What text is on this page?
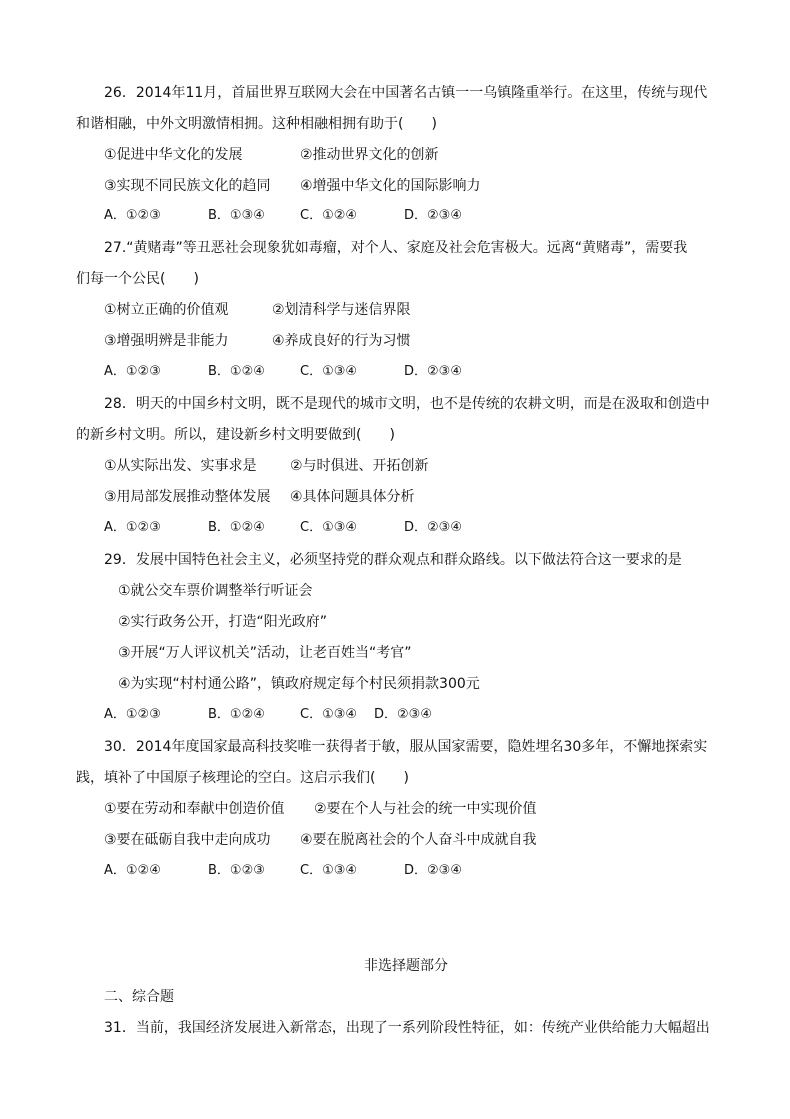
26．2014年11月，首届世界互联网大会在中国著名古镇一一乌镇隆重举行。在这里，传统与现代
和谐相融，中外文明激情相拥。这种相融相拥有助于(　　)
①促进中华文化的发展	②推动世界文化的创新
③实现不同民族文化的趋同 ④增强中华文化的国际影响力
A．①②③	B．①③④	C．①②④	D．②③④
27.“黄赌毒”等丑恶社会现象犹如毒瘤，对个人、家庭及社会危害极大。远离“黄赌毒”，需要我
们每一个公民(　　)
①树立正确的价值观	②划清科学与迷信界限
③增强明辨是非能力	④养成良好的行为习惯
A．①②③	B．①②④	C．①③④	D．②③④
28．明天的中国乡村文明，既不是现代的城市文明，也不是传统的农耕文明，而是在汲取和创造中
的新乡村文明。所以，建设新乡村文明要做到(　　)
①从实际出发、实事求是 ②与时俱进、开拓创新
③用局部发展推动整体发展 ④具体问题具体分析
A．①②③	B．①②④	C．①③④	D．②③④
29．发展中国特色社会主义，必须坚持党的群众观点和群众路线。以下做法符合这一要求的是
①就公交车票价调整举行听证会
②实行政务公开，打造“阳光政府”
③开展“万人评议机关”活动，让老百姓当“考官”
④为实现“村村通公路”，镇政府规定每个村民须捐款300元
A．①②③	B．①②④	C．①③④ D．②③④
30．2014年度国家最高科技奖唯一获得者于敏，服从国家需要，隐姓埋名30多年，不懈地探索实
践，填补了中国原子核理论的空白。这启示我们(　　)
①要在劳动和奉献中创造价值 ②要在个人与社会的统一中实现价值
③要在砥砺自我中走向成功 ④要在脱离社会的个人奋斗中成就自我
A．①②④	B．①②③	C．①③④	D．②③④
非选择题部分
二、综合题
31．当前，我国经济发展进入新常态，出现了一系列阶段性特征，如：传统产业供给能力大幅超出
